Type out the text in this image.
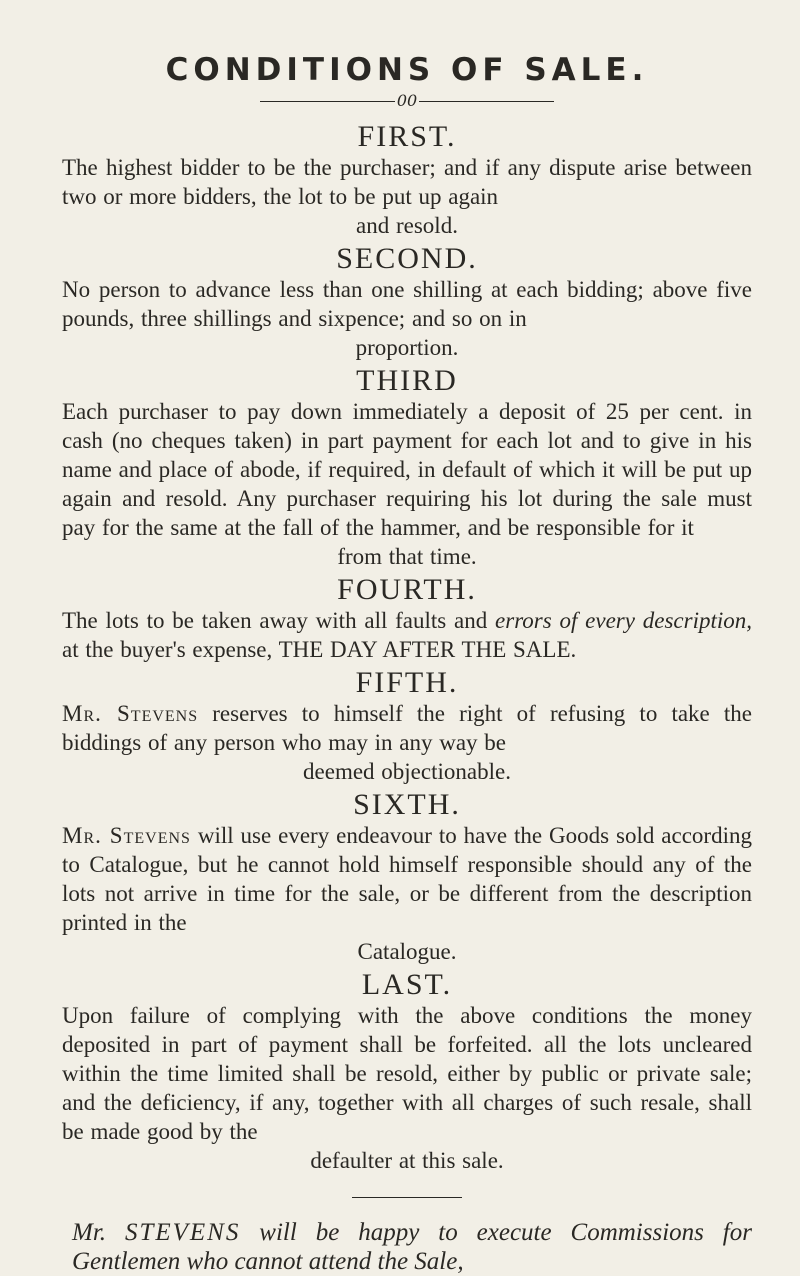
CONDITIONS OF SALE.
00
FIRST.

The highest bidder to be the purchaser; and if any dispute arise between two or more bidders, the lot to be put up again
and resold.

SECOND.

No person to advance less than one shilling at each bidding; above five pounds, three shillings and sixpence; and so on in
proportion.

THIRD

Each purchaser to pay down immediately a deposit of 25 per cent. in cash (no cheques taken) in part payment for each lot and to give in his name and place of abode, if required, in default of which it will be put up again and resold. Any purchaser requiring his lot during the sale must pay for the same at the fall of the hammer, and be responsible for it
from that time.

FOURTH.

The lots to be taken away with all faults and errors of every description, at the buyer's expense, THE DAY AFTER THE SALE.

FIFTH.

Mr. Stevens reserves to himself the right of refusing to take the biddings of any person who may in any way be
deemed objectionable.

SIXTH.

Mr. Stevens will use every endeavour to have the Goods sold according to Catalogue, but he cannot hold himself responsible should any of the lots not arrive in time for the sale, or be different from the description printed in the
Catalogue.

LAST.

Upon failure of complying with the above conditions the money deposited in part of payment shall be forfeited. all the lots uncleared within the time limited shall be resold, either by public or private sale; and the deficiency, if any, together with all charges of such resale, shall be made good by the
defaulter at this sale.

Mr. STEVENS will be happy to execute Commissions for Gentlemen who cannot attend the Sale,
